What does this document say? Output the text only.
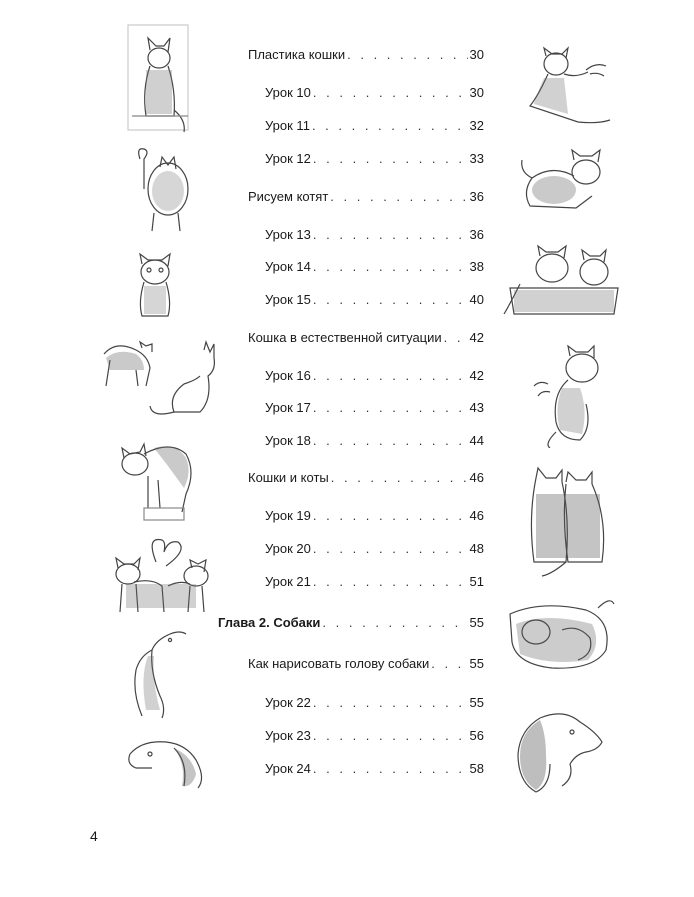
Пластика кошки . . .	30
Урок 10 . . .	30
Урок 11 . . .	32
Урок 12 . . .	33
Рисуем котят . . .	36
Урок 13 . . .	36
Урок 14 . . .	38
Урок 15 . . .	40
Кошка в естественной ситуации . . . 42
Урок 16 . . .	42
Урок 17 . . .	43
Урок 18 . . .	44
Кошки и коты . . .	46
Урок 19 . . .	46
Урок 20 . . .	48
Урок 21 . . .	51
Глава 2. Собаки . . .	55
Как нарисовать голову собаки . . .	55
Урок 22 . . .	55
Урок 23 . . .	56
Урок 24 . . .	58
4
